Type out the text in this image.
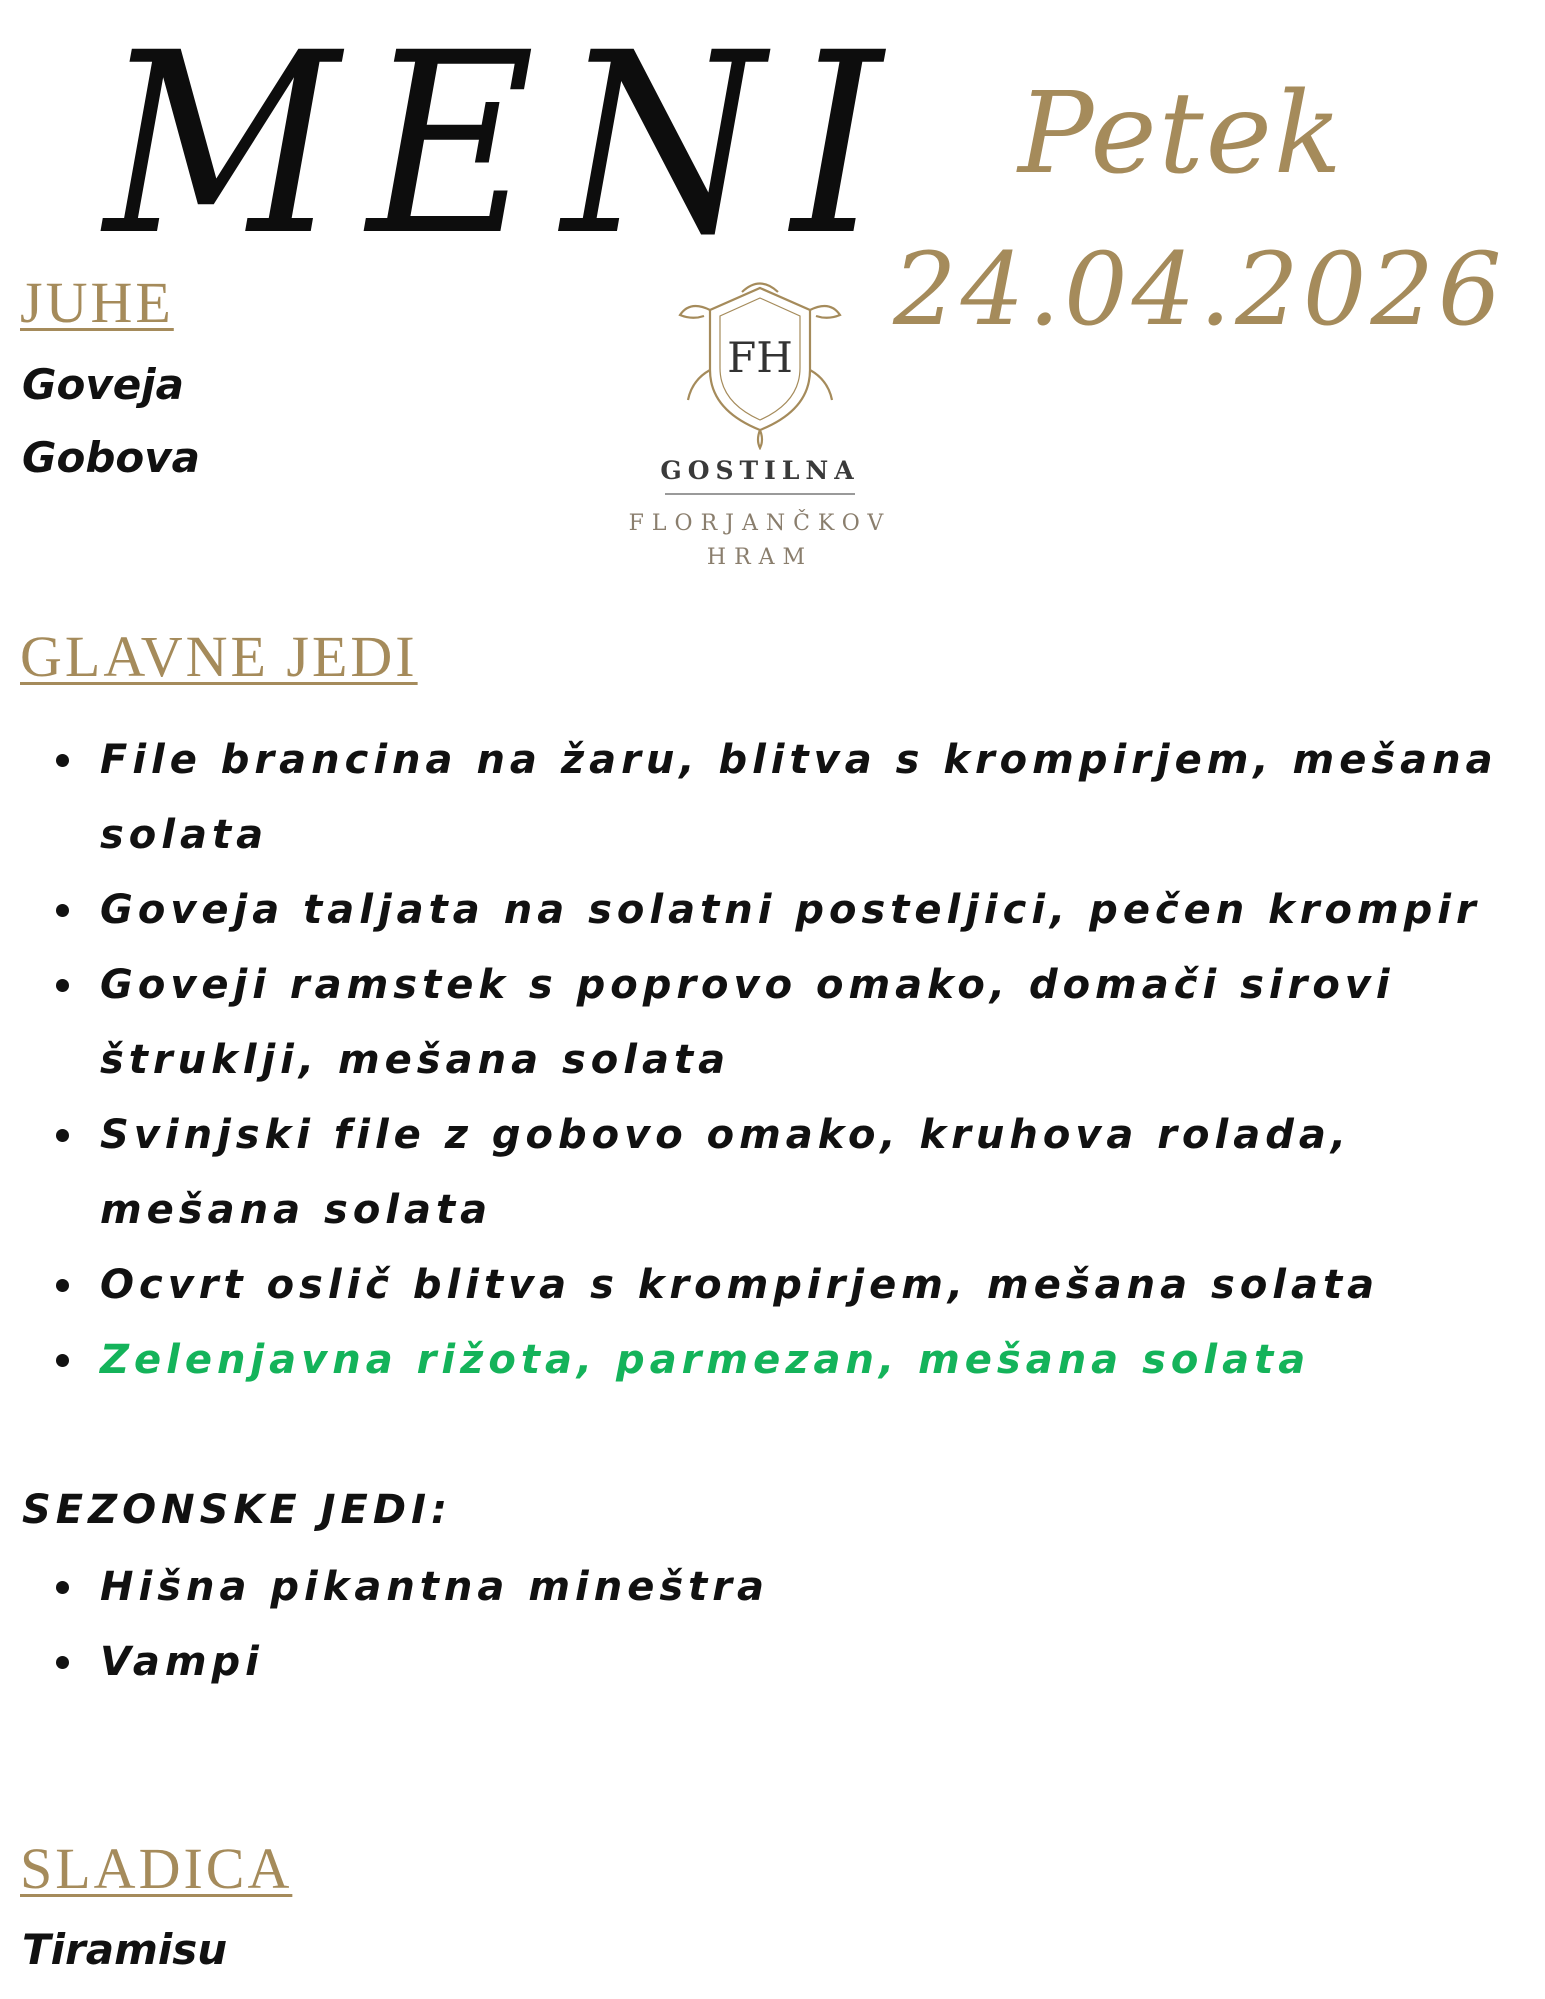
MENI Petek
24.04.2026
FH
GOSTILNA
FLORJANČKOV
HRAM
JUHE

Goveja

Gobova

GLAVNE JEDI
File brancina na žaru, blitva s krompirjem, mešana solata
Goveja taljata na solatni posteljici, pečen krompir
Goveji ramstek s poprovo omako, domači sirovi štruklji, mešana solata
Svinjski file z gobovo omako, kruhova rolada, mešana solata
Ocvrt oslič blitva s krompirjem, mešana solata
Zelenjavna rižota, parmezan, mešana solata

SEZONSKE JEDI:

Hišna pikantna mineštra
Vampi
SLADICA

Tiramisu
